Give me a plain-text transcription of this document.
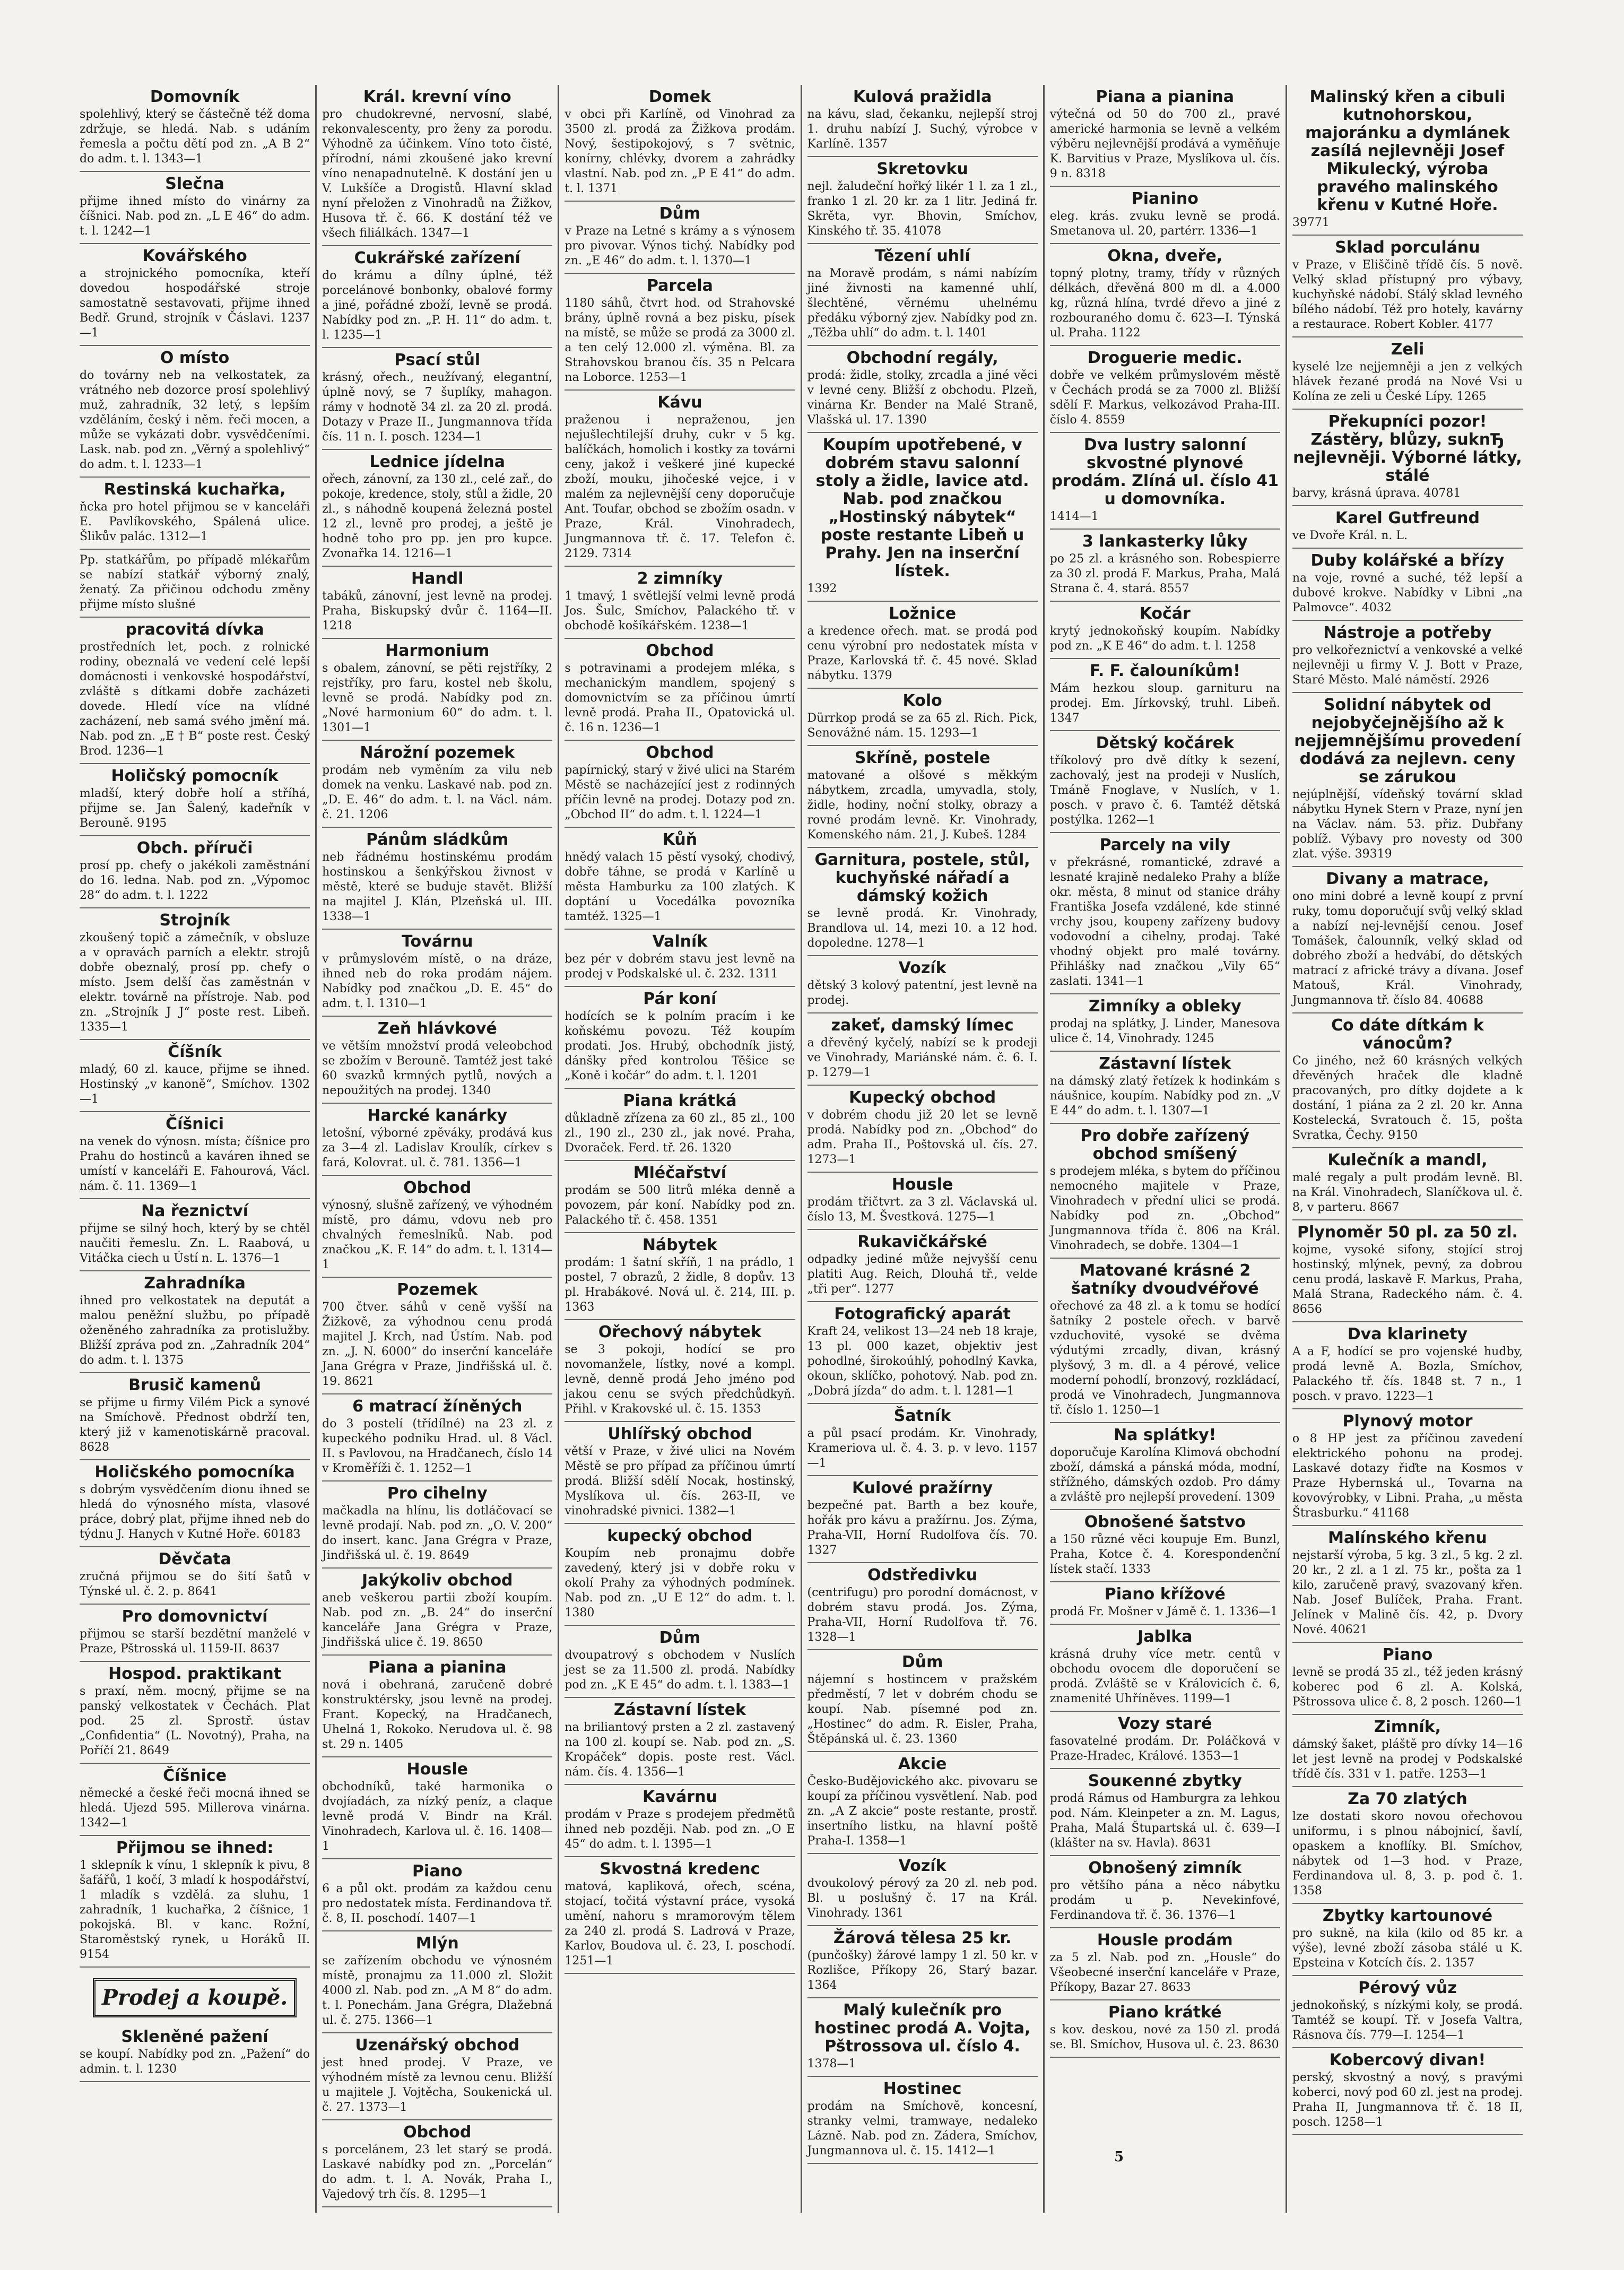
Domovník
spolehlivý, který se částečně též doma zdržuje, se hledá. Nab. s udáním řemesla a počtu dětí pod zn. „A B 2“ do adm. t. l. 1343—1
Slečna
přijme ihned místo do vinárny za číšnici. Nab. pod zn. „L E 46“ do adm. t. l. 1242—1
Kovářského
a strojnického pomocníka, kteří dovedou hospodářské stroje samostatně sestavovati, přijme ihned Bedř. Grund, strojník v Čáslavi. 1237—1
O místo
do továrny neb na velkostatek, za vrátného neb dozorce prosí spolehlivý muž, zahradník, 32 letý, s lepším vzděláním, český i něm. řeči mocen, a může se vykázati dobr. vysvědčeními. Lask. nab. pod zn. „Věrný a spolehlivý“ do adm. t. l. 1233—1
Restinská kuchařka,
ňcka pro hotel přijmou se v kanceláři E. Pavlíkovského, Spálená ulice. Šlikův palác. 1312—1
Pp. statkářům, po případě mlékařům se nabízí statkář výborný znalý, ženatý. Za přičinou odchodu změny přijme místo slušné
pracovitá dívka
prostředních let, poch. z rolnické rodiny, obeznalá ve vedení celé lepší domácnosti i venkovské hospodářství, zvláště s dítkami dobře zacházeti dovede. Hledí více na vlídné zacházení, neb samá svého jmění má. Nab. pod zn. „E † B“ poste rest. Český Brod. 1236—1
Holičský pomocník
mladší, který dobře holí a stříhá, přijme se. Jan Šalený, kadeřník v Berouně. 9195
Obch. příruči
prosí pp. chefy o jakékoli zaměstnání do 16. ledna. Nab. pod zn. „Výpomoc 28“ do adm. t. l. 1222
Strojník
zkoušený topič a zámečník, v obsluze a v opravách parních a elektr. strojů dobře obeznalý, prosí pp. chefy o místo. Jsem delší čas zaměstnán v elektr. továrně na přístroje. Nab. pod zn. „Strojník J J“ poste rest. Libeň. 1335—1
Číšník
mladý, 60 zl. kauce, přijme se ihned. Hostinský „v kanoně“, Smíchov. 1302—1
Číšnici
na venek do výnosn. místa; číšnice pro Prahu do hostinců a kaváren ihned se umístí v kanceláři E. Fahourová, Václ. nám. č. 11. 1369—1
Na řeznictví
přijme se silný hoch, který by se chtěl naučiti řemeslu. Zn. L. Raabová, u Vitáčka ciech u Ústí n. L. 1376—1
Zahradníka
ihned pro velkostatek na deputát a malou peněžní službu, po případě oženěného zahradníka za protislužby. Bližší zpráva pod zn. „Zahradník 204“ do adm. t. l. 1375
Brusič kamenů
se přijme u firmy Vilém Pick a synové na Smíchově. Přednost obdrží ten, který již v kamenotiskárně pracoval. 8628
Holičského pomocníka
s dobrým vysvědčením dionu ihned se hledá do výnosného místa, vlasové práce, dobrý plat, přijme ihned neb do týdnu J. Hanych v Kutné Hoře. 60183
Děvčata
zručná přijmou se do šití šatů v Týnské ul. č. 2. p. 8641
Pro domovnictví
přijmou se starší bezdětní manželé v Praze, Pštrosská ul. 1159-II. 8637
Hospod. praktikant
s praxí, něm. mocný, přijme se na panský velkostatek v Čechách. Plat pod. 25 zl. Sprostř. ústav „Confidentia“ (L. Novotný), Praha, na Poříčí 21. 8649
Číšnice
německé a české řeči mocná ihned se hledá. Ujezd 595. Millerova vinárna. 1342—1
Přijmou se ihned:
1 sklepník k vínu, 1 sklepník k pivu, 8 šafářů, 1 kočí, 3 mladí k hospodářství, 1 mladík s vzdělá. za sluhu, 1 zahradník, 1 kuchařka, 2 číšnice, 1 pokojská. Bl. v kanc. Rožní, Staroměstský rynek, u Horáků II. 9154
Prodej a koupě.
Skleněné pažení
se koupí. Nabídky pod zn. „Pažení“ do admin. t. l. 1230
Král. krevní víno
pro chudokrevné, nervosní, slabé, rekonvalescenty, pro ženy za porodu. Výhodně za účinkem. Víno toto čisté, přírodní, námi zkoušené jako krevní víno nenapadnutelně. K dostání jen u V. Lukšíče a Drogistů. Hlavní sklad nyní přeložen z Vinohradů na Žižkov, Husova tř. č. 66. K dostání též ve všech filiálkách. 1347—1
Cukrářské zařízení
do krámu a dílny úplné, též porcelánové bonbonky, obalové formy a jiné, pořádné zboží, levně se prodá. Nabídky pod zn. „P. H. 11“ do adm. t. l. 1235—1
Psací stůl
krásný, ořech., neužívaný, elegantní, úplně nový, se 7 šuplíky, mahagon. rámy v hodnotě 34 zl. za 20 zl. prodá. Dotazy v Praze II., Jungmannova třída čís. 11 n. I. posch. 1234—1
Lednice jídelna
ořech, zánovní, za 130 zl., celé zař., do pokoje, kredence, stoly, stůl a židle, 20 zl., s náhodně koupená železná postel 12 zl., levně pro prodej, a ještě je hodně toho pro pp. jen pro kupce. Zvonařka 14. 1216—1
Handl
tabáků, zánovní, jest levně na prodej. Praha, Biskupský dvůr č. 1164—II. 1218
Harmonium
s obalem, zánovní, se pěti rejstříky, 2 rejstříky, pro faru, kostel neb školu, levně se prodá. Nabídky pod zn. „Nové harmonium 60“ do adm. t. l. 1301—1
Nárožní pozemek
prodám neb vyměním za vilu neb domek na venku. Laskavé nab. pod zn. „D. E. 46“ do adm. t. l. na Václ. nám. č. 21. 1206
Pánům sládkům
neb řádnému hostinskému prodám hostinskou a šenkýřskou živnost v městě, které se buduje stavět. Bližší na majitel J. Klán, Plzeňská ul. III. 1338—1
Továrnu
v průmyslovém místě, o na dráze, ihned neb do roka prodám nájem. Nabídky pod značkou „D. E. 45“ do adm. t. l. 1310—1
Zeň hlávkové
ve větším množství prodá veleobchod se zbožím v Berouně. Tamtéž jest také 60 svazků krmných pytlů, nových a nepoužitých na prodej. 1340
Harcké kanárky
letošní, výborné zpěváky, prodává kus za 3—4 zl. Ladislav Kroulík, církev s fará, Kolovrat. ul. č. 781. 1356—1
Obchod
výnosný, slušně zařízený, ve výhodném místě, pro dámu, vdovu neb pro chvalných řemeslníků. Nab. pod značkou „K. F. 14“ do adm. t. l. 1314—1
Pozemek
700 čtver. sáhů v ceně vyšší na Žižkově, za výhodnou cenu prodá majitel J. Krch, nad Ústím. Nab. pod zn. „J. N. 6000“ do inserční kanceláře Jana Grégra v Praze, Jindřišská ul. č. 19. 8621
6 matrací žíněných
do 3 postelí (třídílné) na 23 zl. z kupeckého podniku Hrad. ul. 8 Václ. II. s Pavlovou, na Hradčanech, číslo 14 v Kroměříži č. 1. 1252—1
Pro cihelny
mačkadla na hlínu, lis dotláčovací se levně prodají. Nab. pod zn. „O. V. 200“ do insert. kanc. Jana Grégra v Praze, Jindřišská ul. č. 19. 8649
Jakýkoliv obchod
aneb veškerou partii zboží koupím. Nab. pod zn. „B. 24“ do inserční kanceláře Jana Grégra v Praze, Jindřišská ulice č. 19. 8650
Piana a pianina
nová i obehraná, zaručeně dobré konstruktérsky, jsou levně na prodej. Frant. Kopecký, na Hradčanech, Uhelná 1, Rokoko. Nerudova ul. č. 98 st. 29 n. 1405
Housle
obchodníků, také harmonika o dvojíadách, za nízký peníz, a claque levně prodá V. Bindr na Král. Vinohradech, Karlova ul. č. 16. 1408—1
Piano
6 a půl okt. prodám za každou cenu pro nedostatek místa. Ferdinandova tř. č. 8, II. poschodí. 1407—1
Mlýn
se zařízením obchodu ve výnosném místě, pronajmu za 11.000 zl. Složit 4000 zl. Nab. pod zn. „A M 8“ do adm. t. l. Ponechám. Jana Grégra, Dlažebná ul. č. 275. 1366—1
Uzenářský obchod
jest hned prodej. V Praze, ve výhodném místě za levnou cenu. Bližší u majitele J. Vojtěcha, Soukenická ul. č. 27. 1373—1
Obchod
s porcelánem, 23 let starý se prodá. Laskavé nabídky pod zn. „Porcelán“ do adm. t. l. A. Novák, Praha I., Vajedový trh čís. 8. 1295—1
Domek
v obci při Karlíně, od Vinohrad za 3500 zl. prodá za Žižkova prodám. Nový, šestipokojový, s 7 světnic, konírny, chlévky, dvorem a zahrádky vlastní. Nab. pod zn. „P E 41“ do adm. t. l. 1371
Dům
v Praze na Letné s krámy a s výnosem pro pivovar. Výnos tichý. Nabídky pod zn. „E 46“ do adm. t. l. 1370—1
Parcela
1180 sáhů, čtvrt hod. od Strahovské brány, úplně rovná a bez pisku, písek na místě, se může se prodá za 3000 zl. a ten celý 12.000 zl. výměna. Bl. za Strahovskou branou čís. 35 n Pelcara na Loborce. 1253—1
Kávu
praženou i nepraženou, jen nejušlechtilejší druhy, cukr v 5 kg. balíčkách, homolich i kostky za továrni ceny, jakož i veškeré jiné kupecké zboží, mouku, jihočeské vejce, i v malém za nejlevnější ceny doporučuje Ant. Toufar, obchod se zbožím osadn. v Praze, Král. Vinohradech, Jungmannova tř. č. 17. Telefon č. 2129. 7314
2 zimníky
1 tmavý, 1 světlejší velmi levně prodá Jos. Šulc, Smíchov, Palackého tř. v obchodě košíkářském. 1238—1
Obchod
s potravinami a prodejem mléka, s mechanickým mandlem, spojený s domovnictvím se za příčinou úmrtí levně prodá. Praha II., Opatovická ul. č. 16 n. 1236—1
Obchod
papírnický, starý v živé ulici na Starém Městě se nacházející jest z rodinných příčin levně na prodej. Dotazy pod zn. „Obchod II“ do adm. t. l. 1224—1
Kůň
hnědý valach 15 pěstí vysoký, chodivý, dobře táhne, se prodá v Karlíně u města Hamburku za 100 zlatých. K doptání u Vocedálka povozníka tamtéž. 1325—1
Valník
bez pér v dobrém stavu jest levně na prodej v Podskalské ul. č. 232. 1311
Pár koní
hodících se k polním pracím i ke koňskému povozu. Též koupím prodati. Jos. Hrubý, obchodník jistý, dánšky před kontrolou Těšice se „Koně i kočár“ do adm. t. l. 1201
Piana krátká
důkladně zřízena za 60 zl., 85 zl., 100 zl., 190 zl., 230 zl., jak nové. Praha, Dvoraček. Ferd. tř. 26. 1320
Mléčařství
prodám se 500 litrů mléka denně a povozem, pár koní. Nabídky pod zn. Palackého tř. č. 458. 1351
Nábytek
prodám: 1 šatní skříň, 1 na prádlo, 1 postel, 7 obrazů, 2 židle, 8 dopův. 13 pl. Hrabákové. Nová ul. č. 214, III. p. 1363
Ořechový nábytek
se 3 pokoji, hodící se pro novomanžele, lístky, nové a kompl. levně, denně prodá Jeho jméno pod jakou cenu se svých předchůdkyň. Přihl. v Krakovské ul. č. 15. 1353
Uhlířský obchod
větší v Praze, v živé ulici na Novém Městě se pro případ za příčinou úmrtí prodá. Bližší sdělí Nocak, hostinský, Myslíkova ul. čís. 263-II, ve vinohradské pivnici. 1382—1
kupecký obchod
Koupím neb pronajmu dobře zavedený, který jsi v dobře roku v okolí Prahy za výhodných podmínek. Nab. pod zn. „U E 12“ do adm. t. l. 1380
Dům
dvoupatrový s obchodem v Nuslích jest se za 11.500 zl. prodá. Nabídky pod zn. „K E 45“ do adm. t. l. 1383—1
Zástavní lístek
na briliantový prsten a 2 zl. zastavený na 100 zl. koupí se. Nab. pod zn. „S. Kropáček“ dopis. poste rest. Václ. nám. čís. 4. 1356—1
Kavárnu
prodám v Praze s prodejem předmětů ihned neb později. Nab. pod zn. „O E 45“ do adm. t. l. 1395—1
Skvostná kredenc
matová, kapliková, ořech, scéna, stojací, točitá výstavní práce, vysoká umění, nahoru s mramorovým tělem za 240 zl. prodá S. Ladrová v Praze, Karlov, Boudova ul. č. 23, I. poschodí. 1251—1
Kulová pražidla
na kávu, slad, čekanku, nejlepší stroj 1. druhu nabízí J. Suchý, výrobce v Karlíně. 1357
Skretovku
nejl. žaludeční hořký likér 1 l. za 1 zl., franko 1 zl. 20 kr. za 1 litr. Jediná fr. Skrěta, vyr. Bhovin, Smíchov, Kinského tř. 35. 41078
Tězení uhlí
na Moravě prodám, s námi nabízím jiné živnosti na kamenné uhlí, šlechtěné, věrnému uhelnému předáku výborný zjev. Nabídky pod zn. „Těžba uhlí“ do adm. t. l. 1401
Obchodní regály,
prodá: židle, stolky, zrcadla a jiné věci v levné ceny. Bližší z obchodu. Plzeň, vinárna Kr. Bender na Malé Straně, Vlašská ul. 17. 1390
Koupím upotřebené, v dobrém stavu salonní stoly a židle, lavice atd. Nab. pod značkou „Hostinský nábytek“ poste restante Libeň u Prahy. Jen na inserční lístek.
1392
Ložnice
a kredence ořech. mat. se prodá pod cenu výrobní pro nedostatek místa v Praze, Karlovská tř. č. 45 nové. Sklad nábytku. 1379
Kolo
Dürrkop prodá se za 65 zl. Rich. Pick, Senovážné nám. 15. 1293—1
Skříně, postele
matované a olšové s měkkým nábytkem, zrcadla, umyvadla, stoly, židle, hodiny, noční stolky, obrazy a rovné prodám levně. Kr. Vinohrady, Komenského nám. 21, J. Kubeš. 1284
Garnitura, postele, stůl, kuchyňské nářadí a dámský kožich
se levně prodá. Kr. Vinohrady, Brandlova ul. 14, mezi 10. a 12 hod. dopoledne. 1278—1
Vozík
dětský 3 kolový patentní, jest levně na prodej.
zakeť, damský límec
a dřevěný kyčelý, nabízí se k prodeji ve Vinohrady, Mariánské nám. č. 6. I. p. 1279—1
Kupecký obchod
v dobrém chodu již 20 let se levně prodá. Nabídky pod zn. „Obchod“ do adm. Praha II., Poštovská ul. čís. 27. 1273—1
Housle
prodám třičtvrt. za 3 zl. Václavská ul. číslo 13, M. Švestková. 1275—1
Rukavičkářské
odpadky jediné může nejvyšší cenu platiti Aug. Reich, Dlouhá tř., velde „tři per“. 1277
Fotografický aparát
Kraft 24, velikost 13—24 neb 18 kraje, 13 pl. 000 kazet, objektiv jest pohodlné, širokoúhlý, pohodlný Kavka, okoun, sklíčko, pohotový. Nab. pod zn. „Dobrá jízda“ do adm. t. l. 1281—1
Šatník
a půl psací prodám. Kr. Vinohrady, Krameriova ul. č. 4. 3. p. v levo. 1157—1
Kulové pražírny
bezpečné pat. Barth a bez kouře, hořák pro kávu a pražírnu. Jos. Zýma, Praha-VII, Horní Rudolfova čís. 70. 1327
Odstředivku
(centrifugu) pro porodní domácnost, v dobrém stavu prodá. Jos. Zýma, Praha-VII, Horní Rudolfova tř. 76. 1328—1
Dům
nájemní s hostincem v pražském předměstí, 7 let v dobrém chodu se koupí. Nab. písemné pod zn. „Hostinec“ do adm. R. Eisler, Praha, Štěpánská ul. č. 23. 1360
Akcie
Česko-Budějovického akc. pivovaru se koupí za příčinou vysvětlení. Nab. pod zn. „A Z akcie“ poste restante, prostř. insertního listku, na hlavní poště Praha-I. 1358—1
Vozík
dvoukolový pérový za 20 zl. neb pod. Bl. u poslušný č. 17 na Král. Vinohrady. 1361
Žárová tělesa 25 kr.
(punčošky) žárové lampy 1 zl. 50 kr. v Rozlišce, Příkopy 26, Starý bazar. 1364
Malý kulečník pro hostinec prodá A. Vojta, Pštrossova ul. číslo 4.
1378—1
Hostinec
prodám na Smíchově, koncesní, stranky velmi, tramwaye, nedaleko Lázně. Nab. pod zn. Zádera, Smíchov, Jungmannova ul. č. 15. 1412—1
Piana a pianina
výtečná od 50 do 700 zl., pravé americké harmonia se levně a velkém výběru nejlevnější prodává a vyměňuje K. Barvitius v Praze, Myslíkova ul. čís. 9 n. 8318
Pianino
eleg. krás. zvuku levně se prodá. Smetanova ul. 20, partérr. 1336—1
Okna, dveře,
topný plotny, tramy, třídy v různých délkách, dřevěná 800 m dl. a 4.000 kg, různá hlína, tvrdé dřevo a jiné z rozbouraného domu č. 623—I. Týnská ul. Praha. 1122
Droguerie medic.
dobře ve velkém průmyslovém městě v Čechách prodá se za 7000 zl. Bližší sdělí F. Markus, velkozávod Praha-III. číslo 4. 8559
Dva lustry salonní skvostné plynové prodám. Zlíná ul. číslo 41 u domovníka.
1414—1
3 lankasterky lůky
po 25 zl. a krásného son. Robespierre za 30 zl. prodá F. Markus, Praha, Malá Strana č. 4. stará. 8557
Kočár
krytý jednokoňský koupím. Nabídky pod zn. „K E 46“ do adm. t. l. 1258
F. F. čalouníkům!
Mám hezkou sloup. garnituru na prodej. Em. Jírkovský, truhl. Libeň. 1347
Dětský kočárek
tříkolový pro dvě dítky k sezení, zachovalý, jest na prodeji v Nuslích, Tmáně Fnoglave, v Nuslích, v 1. posch. v pravo č. 6. Tamtéž dětská postýlka. 1262—1
Parcely na vily
v překrásné, romantické, zdravé a lesnaté krajině nedaleko Prahy a blíže okr. města, 8 minut od stanice dráhy Františka Josefa vzdálené, kde stinné vrchy jsou, koupeny zařízeny budovy vodovodní a cihelny, prodaj. Také vhodný objekt pro malé továrny. Přihlášky nad značkou „Vily 65“ zaslati. 1341—1
Zimníky a oblekу
prodaj na splátky, J. Linder, Manesova ulice č. 14, Vinohrady. 1245
Zástavní lístek
na dámský zlatý řetízek k hodinkám s náušnice, koupím. Nabídky pod zn. „V E 44“ do adm. t. l. 1307—1
Pro dobře zařízený obchod smíšený
s prodejem mléka, s bytem do příčinou nemocného majitele v Praze, Vinohradech v přední ulici se prodá. Nabídky pod zn. „Obchod“ Jungmannova třída č. 806 na Král. Vinohradech, se dobře. 1304—1
Matované krásné 2 šatníky dvoudvéřové
ořechové za 48 zl. a k tomu se hodící šatníky 2 postele ořech. v barvě vzduchovité, vysoké se dvěma výdutými zrcadly, divan, krásný plyšový, 3 m. dl. a 4 pérové, velice moderní pohodlí, bronzový, rozkládací, prodá ve Vinohradech, Jungmannova tř. číslo 1. 1250—1
Na splátky!
doporučuje Karolína Klimová obchodní zboží, dámská a pánská móda, modní, střížného, dámských ozdob. Pro dámy a zvláště pro nejlepší provedení. 1309
Obnošené šatstvo
a 150 různé věci koupuje Em. Bunzl, Praha, Kotce č. 4. Korespondenční lístek stačí. 1333
Piano křížové
prodá Fr. Mošner v Jámě č. 1. 1336—1
Jablka
krásná druhy více metr. centů v obchodu ovocem dle doporučení se prodá. Zvláště se v Královicích č. 6, znamenité Uhříněves. 1199—1
Vozy staré
fasovatelné prodám. Dr. Poláčková v Praze-Hradec, Králové. 1353—1
Souкenné zbytky
prodá Rámus od Hamburgra za lehkou pod. Nám. Kleinpeter a zn. M. Lagus, Praha, Malá Štupartská ul. č. 639—I (klášter na sv. Havla). 8631
Obnošený zimník
pro většího pána a něco nábytku prodám u p. Nevekinfové, Ferdinandova tř. č. 36. 1376—1
Housle prodám
za 5 zl. Nab. pod zn. „Housle“ do Všeobecné inserční kanceláře v Praze, Příkopy, Bazar 27. 8633
Piano krátké
s kov. deskou, nové za 150 zl. prodá se. Bl. Smíchov, Husova ul. č. 23. 8630
Malinský křen a cibuli kutnohorskou, majoránku a dymlánek zasílá nejlevněji Josef Mikulecký, výroba pravého malinského křenu v Kutné Hoře.
39771
Sklad porculánu
v Praze, v Eliščině třídě čís. 5 nově. Velký sklad přístupný pro výbavy, kuchyňské nádobí. Stálý sklad levného bílého nádobí. Též pro hotely, kavárny a restaurace. Robert Kobler. 4177
Zeli
kyselé lze nejjemněji a jen z velkých hlávek řezané prodá na Nové Vsi u Kolína ze zeli u České Lípy. 1265
Překupníci pozor! Zástěry, blůzy, suknЂ nejlevněji. Výborné látky, stálé
barvy, krásná úprava. 40781
Karel Gutfreund
ve Dvoře Král. n. L.
Duby kolářské a břízy
na voje, rovné a suché, též lepší a dubové krokve. Nabídky v Libni „na Palmovce“. 4032
Nástroje a potřeby
pro velkořeznictví a venkovské a velké nejlevněji u firmy V. J. Bott v Praze, Staré Město. Malé náměstí. 2926
Solidní nábytek od nejobyčejnějšího až k nejjemnějšímu provedení dodává za nejlevn. ceny se zárukou
nejúplnější, vídeňský tovární sklad nábytku Hynek Stern v Praze, nyní jen na Václav. nám. 53. přiz. Dubřany poblíž. Výbavy pro novesty od 300 zlat. výše. 39319
Divany a matrace,
ono mini dobré a levně koupí z první ruky, tomu doporučují svůj velký sklad a nabízí nej-levnější cenou. Josef Tomášek, čalounník, velký sklad od dobrého zboží a hedvábí, do dětských matrací z africké trávy a dívana. Josef Matouš, Král. Vinohrady, Jungmannova tř. číslo 84. 40688
Co dáte dítkám k vánocům?
Co jiného, než 60 krásných velkých dřevěných hraček dle kladně pracovaných, pro dítky dojdete a k dostání, 1 piána za 2 zl. 20 kr. Anna Kostelecká, Svratouch č. 15, pošta Svratka, Čechy. 9150
Kulečník a mandl,
malé regaly a pult prodám levně. Bl. na Král. Vinohradech, Slaníčkova ul. č. 8, v parteru. 8667
Plynoměr 50 pl. za 50 zl.
kojme, vysoké sifony, stojící stroj hostinský, mlýnek, pevný, za dobrou cenu prodá, laskavě F. Markus, Praha, Malá Strana, Radeckého nám. č. 4. 8656
Dva klarinety
A a F, hodící se pro vojenské hudby, prodá levně A. Bozla, Smíchov, Palackého tř. čís. 1848 st. 7 n., 1 posch. v pravo. 1223—1
Plynový motor
o 8 HP jest za příčinou zavedení elektrického pohonu na prodej. Laskavé dotazy řiďte na Kosmos v Praze Hybernská ul., Tovarna na kovovýrobky, v Libni. Praha, „u města Štrasburku.“ 41168
Malínského křenu
nejstarší výroba, 5 kg. 3 zl., 5 kg. 2 zl. 20 kr., 2 zl. a 1 zl. 75 kr., pošta za 1 kilo, zaručeně pravý, svazovaný křen. Nab. Josef Bulíček, Praha. Frant. Jelínek v Malině čís. 42, p. Dvory Nové. 40621
Piano
levně se prodá 35 zl., též jeden krásný koberec pod 6 zl. A. Kolská, Pštrossova ulice č. 8, 2 posch. 1260—1
Zimník,
dámský šaket, pláště pro dívky 14—16 let jest levně na prodej v Podskalské třídě čís. 331 v 1. patře. 1253—1
Za 70 zlatých
lze dostati skoro novou ořechovou uniformu, i s plnou nábojnicí, šavlí, opaskem a knoflíky. Bl. Smíchov, nábytek od 1—3 hod. v Praze, Ferdinandova ul. 8, 3. p. pod č. 1. 1358
Zbytky kartounové
pro sukně, na kila (kilo od 85 kr. a výše), levné zboží zásoba stálé u K. Epsteina v Kotcích čís. 2. 1357
Pérový vůz
jednokoňský, s nízkými koly, se prodá. Tamtéž se koupí. Tř. v Josefa Valtra, Rásnova čís. 779—I. 1254—1
Kobercový divan!
perský, skvostný a nový, s pravými koberci, nový pod 60 zl. jest na prodej. Praha II, Jungmannova tř. č. 18 II, posch. 1258—1
5
